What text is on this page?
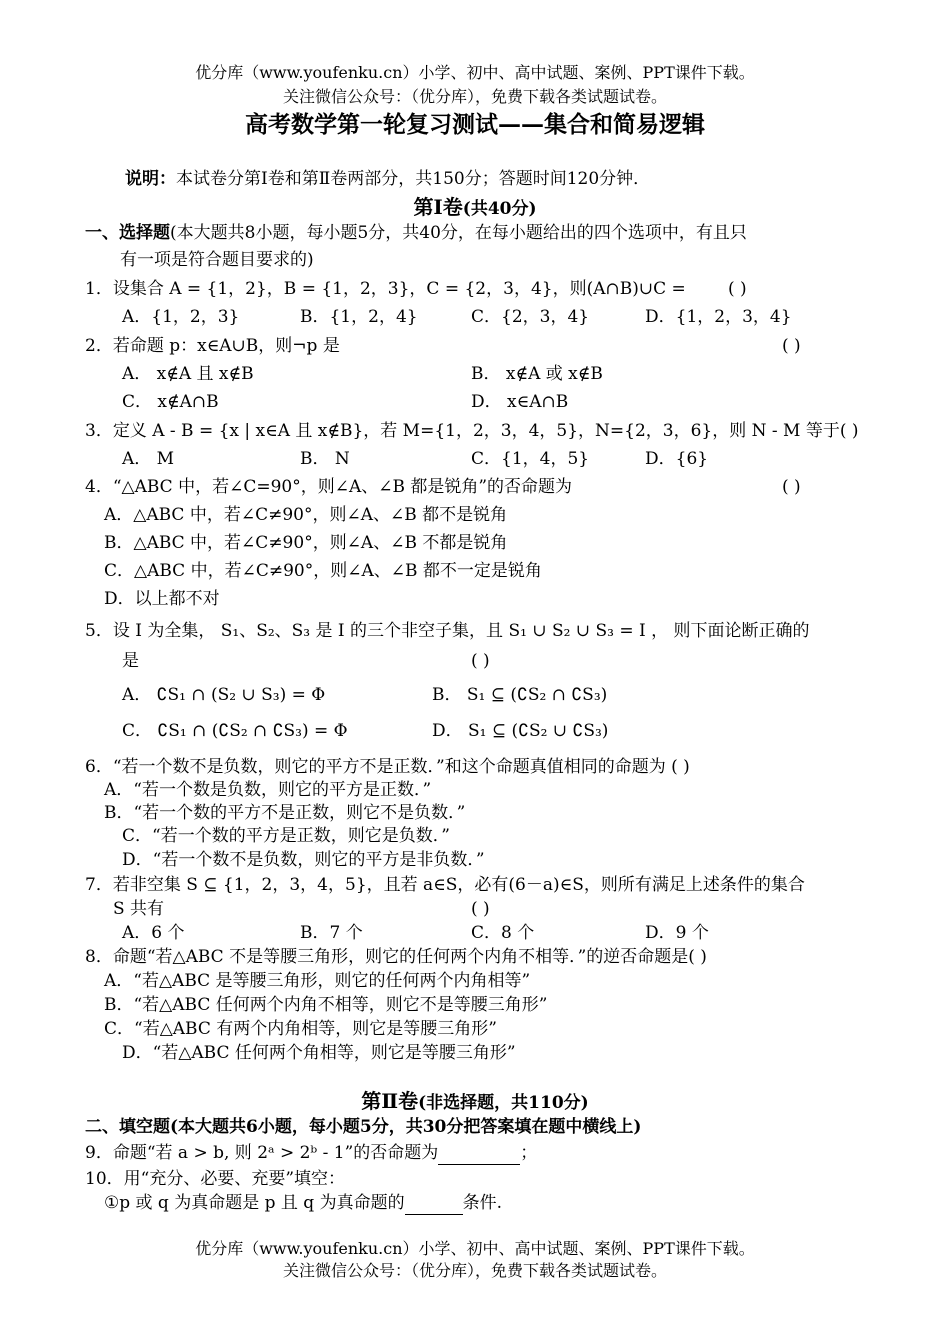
优分库（www.youfenku.cn）小学、初中、高中试题、案例、PPT课件下载。
关注微信公众号：（优分库），免费下载各类试题试卷。
高考数学第一轮复习测试——集合和简易逻辑
说明：本试卷分第Ⅰ卷和第Ⅱ卷两部分，共150分；答题时间120分钟．
第Ⅰ卷(共40分)
一、选择题(本大题共8小题，每小题5分，共40分，在每小题给出的四个选项中，有且只
有一项是符合题目要求的)
1．设集合 A = {1，2}，B = {1，2，3}，C = {2，3，4}，则(A∩B)∪C = ( )
A．{1，2，3}	B．{1，2，4}	C．{2，3，4}	D．{1，2，3，4}
2．若命题 p：x∈A∪B，则¬p 是	( )
A． x∉A 且 x∉B	B． x∉A 或 x∉B
C． x∉A∩B	D． x∈A∩B
3．定义 A - B = {x | x∈A 且 x∉B}，若 M={1，2，3，4，5}，N={2，3，6}，则 N - M 等于( )
A． M	B． N	C．{1，4，5}	D．{6}
4．“△ABC 中，若∠C=90°，则∠A、∠B 都是锐角”的否命题为	( )
A．△ABC 中，若∠C≠90°，则∠A、∠B 都不是锐角
B．△ABC 中，若∠C≠90°，则∠A、∠B 不都是锐角
C．△ABC 中，若∠C≠90°，则∠A、∠B 都不一定是锐角
D．以上都不对
5．设 I 为全集， S₁、S₂、S₃ 是 I 的三个非空子集，且 S₁ ∪ S₂ ∪ S₃ = I ， 则下面论断正确的
是	( )
A． ∁S₁ ∩ (S₂ ∪ S₃) = Φ	B． S₁ ⊆ (∁S₂ ∩ ∁S₃)
C． ∁S₁ ∩ (∁S₂ ∩ ∁S₃) = Φ	D． S₁ ⊆ (∁S₂ ∪ ∁S₃)
6．“若一个数不是负数，则它的平方不是正数．”和这个命题真值相同的命题为 ( )
A．“若一个数是负数，则它的平方是正数．”
B．“若一个数的平方不是正数，则它不是负数．”
C．“若一个数的平方是正数，则它是负数．”
D．“若一个数不是负数，则它的平方是非负数．”
7．若非空集 S ⊆ {1，2，3，4，5}，且若 a∈S，必有(6－a)∈S，则所有满足上述条件的集合
S 共有	( )
A．6 个	B．7 个	C．8 个	D．9 个
8．命题“若△ABC 不是等腰三角形，则它的任何两个内角不相等．”的逆否命题是( )
A．“若△ABC 是等腰三角形，则它的任何两个内角相等”
B．“若△ABC 任何两个内角不相等，则它不是等腰三角形”
C．“若△ABC 有两个内角相等，则它是等腰三角形”
D．“若△ABC 任何两个角相等，则它是等腰三角形”
第Ⅱ卷(非选择题，共110分)
二、填空题(本大题共6小题，每小题5分，共30分把答案填在题中横线上)
9．命题“若 a > b, 则 2ᵃ > 2ᵇ - 1”的否命题为	；
10．用“充分、必要、充要”填空：
①p 或 q 为真命题是 p 且 q 为真命题的	条件.
优分库（www.youfenku.cn）小学、初中、高中试题、案例、PPT课件下载。
关注微信公众号：（优分库），免费下载各类试题试卷。
